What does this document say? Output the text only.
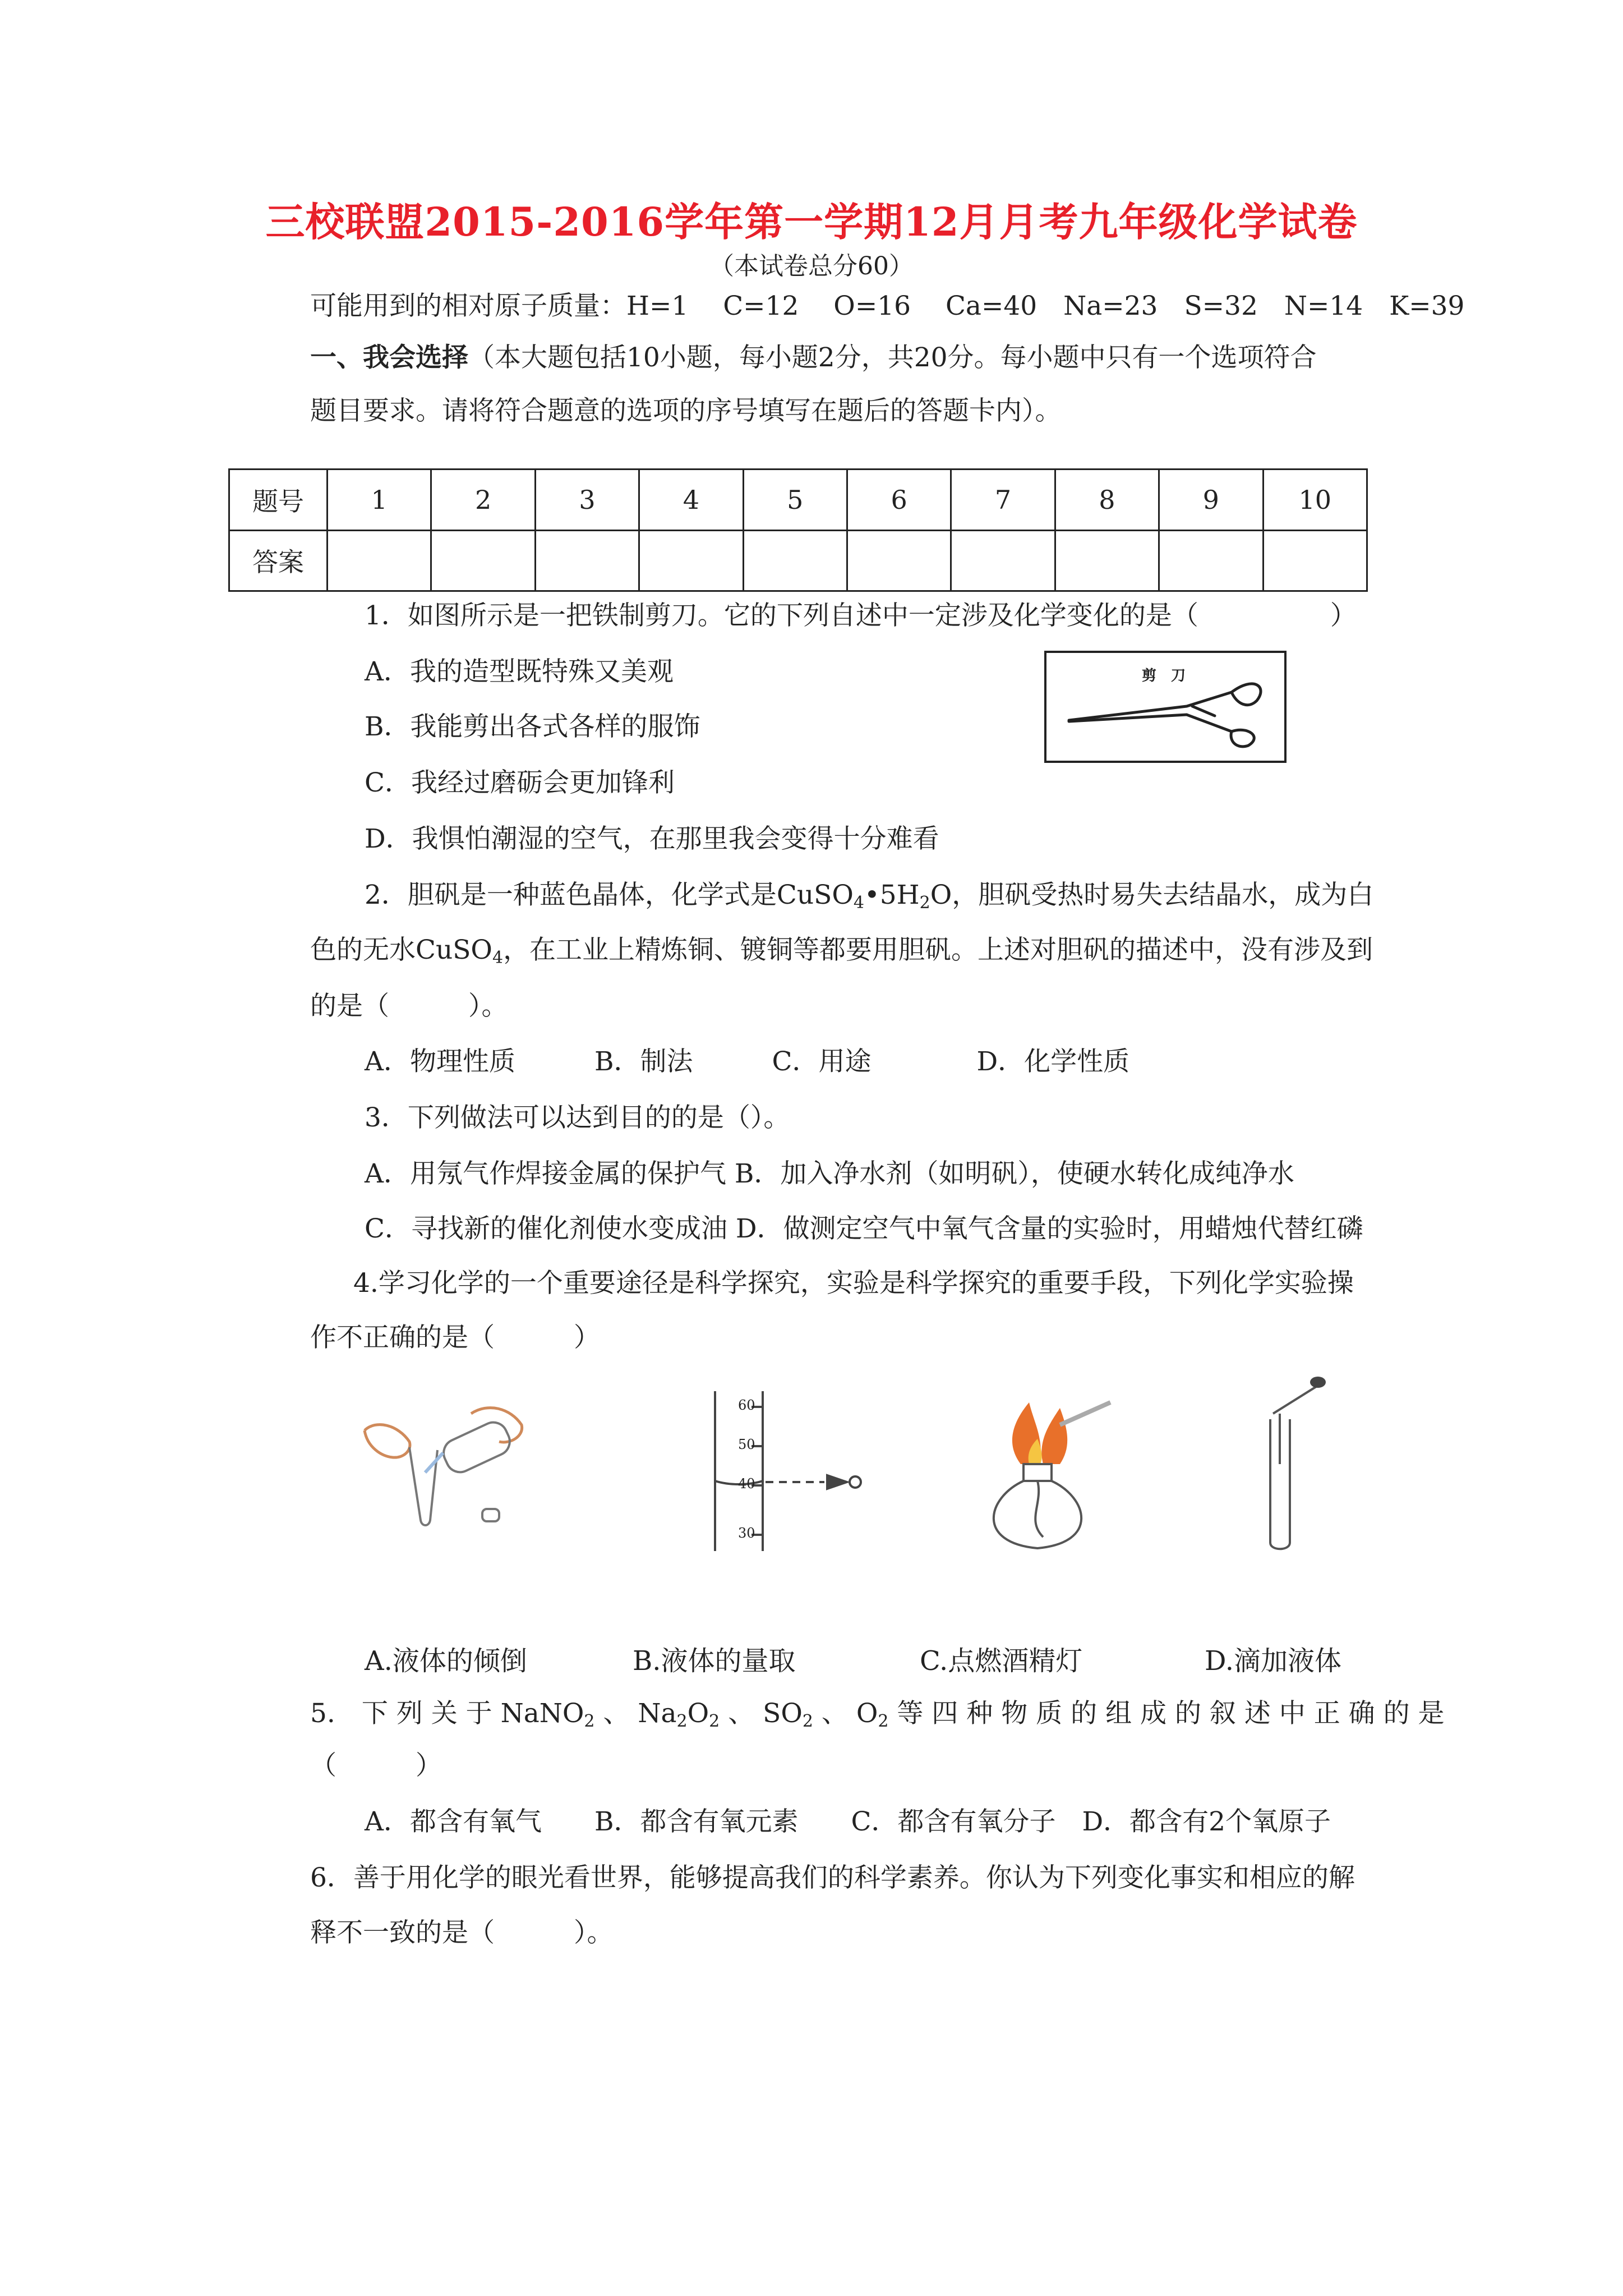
三校联盟2015-2016学年第一学期12月月考九年级化学试卷
（本试卷总分60）
可能用到的相对原子质量：H=1　 C=12　 O=16　 Ca=40　Na=23　S=32　N=14　K=39
一、我会选择（本大题包括10小题，每小题2分，共20分。每小题中只有一个选项符合
题目要求。请将符合题意的选项的序号填写在题后的答题卡内）。
题号	1	2	3	4	5	6	7	8	9	10
答案										
1．如图所示是一把铁制剪刀。它的下列自述中一定涉及化学变化的是（　　　　　）
A．我的造型既特殊又美观
B．我能剪出各式各样的服饰
C．我经过磨砺会更加锋利
D．我惧怕潮湿的空气，在那里我会变得十分难看
剪　刀
2．胆矾是一种蓝色晶体，化学式是$CuSO_4•5H_2O$，胆矾受热时易失去结晶水，成为白
色的无水CuSO$_4$，在工业上精炼铜、镀铜等都要用胆矾。上述对胆矾的描述中，没有涉及到
的是（　　　）。
A．物理性质　　　B．制法　　　C．用途　　　　D．化学性质
3．下列做法可以达到目的的是（）。
A．用氖气作焊接金属的保护气 B．加入净水剂（如明矾），使硬水转化成纯净水
C．寻找新的催化剂使水变成油 D．做测定空气中氧气含量的实验时，用蜡烛代替红磷
4.学习化学的一个重要途径是科学探究，实验是科学探究的重要手段，下列化学实验操
作不正确的是（　　　）
60
50
40
30
A.液体的倾倒	B.液体的量取	C.点燃酒精灯	D.滴加液体
5.　下 列 关 于 NaNO$_2$ 、 $Na_2O_2$ 、 $SO_2$ 、 $O_2$ 等 四 种 物 质 的 组 成 的 叙 述 中 正 确 的 是
（　　　）
A．都含有氧气　　B．都含有氧元素　　C．都含有氧分子　D．都含有2个氧原子
6．善于用化学的眼光看世界，能够提高我们的科学素养。你认为下列变化事实和相应的解
释不一致的是（　　　）。
